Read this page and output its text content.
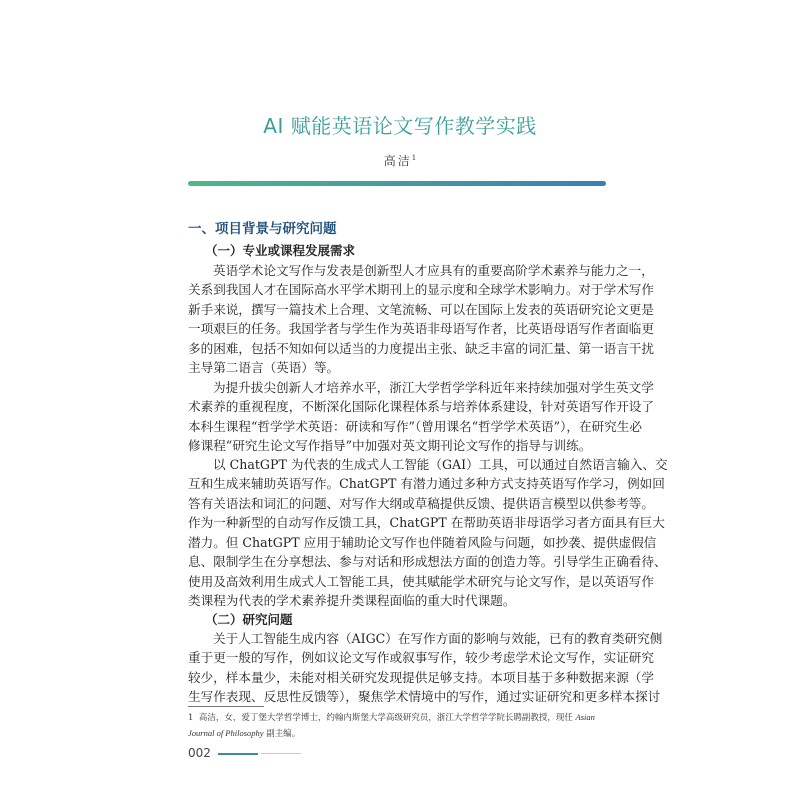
AI 赋能英语论文写作教学实践
高洁$^1$
一、项目背景与研究问题
（一）专业或课程发展需求
英语学术论文写作与发表是创新型人才应具有的重要高阶学术素养与能力之一，
关系到我国人才在国际高水平学术期刊上的显示度和全球学术影响力。对于学术写作
新手来说，撰写一篇技术上合理、文笔流畅、可以在国际上发表的英语研究论文更是
一项艰巨的任务。我国学者与学生作为英语非母语写作者，比英语母语写作者面临更
多的困难，包括不知如何以适当的力度提出主张、缺乏丰富的词汇量、第一语言干扰
主导第二语言（英语）等。
为提升拔尖创新人才培养水平，浙江大学哲学学科近年来持续加强对学生英文学
术素养的重视程度，不断深化国际化课程体系与培养体系建设，针对英语写作开设了
本科生课程“哲学学术英语：研读和写作”（曾用课名“哲学学术英语”），在研究生必
修课程“研究生论文写作指导”中加强对英文期刊论文写作的指导与训练。
以 ChatGPT 为代表的生成式人工智能（GAI）工具，可以通过自然语言输入、交
互和生成来辅助英语写作。ChatGPT 有潜力通过多种方式支持英语写作学习，例如回
答有关语法和词汇的问题、对写作大纲或草稿提供反馈、提供语言模型以供参考等。
作为一种新型的自动写作反馈工具，ChatGPT 在帮助英语非母语学习者方面具有巨大
潜力。但 ChatGPT 应用于辅助论文写作也伴随着风险与问题，如抄袭、提供虚假信
息、限制学生在分享想法、参与对话和形成想法方面的创造力等。引导学生正确看待、
使用及高效利用生成式人工智能工具，使其赋能学术研究与论文写作，是以英语写作
类课程为代表的学术素养提升类课程面临的重大时代课题。
（二）研究问题
关于人工智能生成内容（AIGC）在写作方面的影响与效能，已有的教育类研究侧
重于更一般的写作，例如议论文写作或叙事写作，较少考虑学术论文写作，实证研究
较少，样本量少，未能对相关研究发现提供足够支持。本项目基于多种数据来源（学
生写作表现、反思性反馈等），聚焦学术情境中的写作，通过实证研究和更多样本探讨
1 高洁，女，爱丁堡大学哲学博士，约翰内斯堡大学高级研究员，浙江大学哲学学院长聘副教授，现任 Asian Journal of Philosophy 副主编。
002
